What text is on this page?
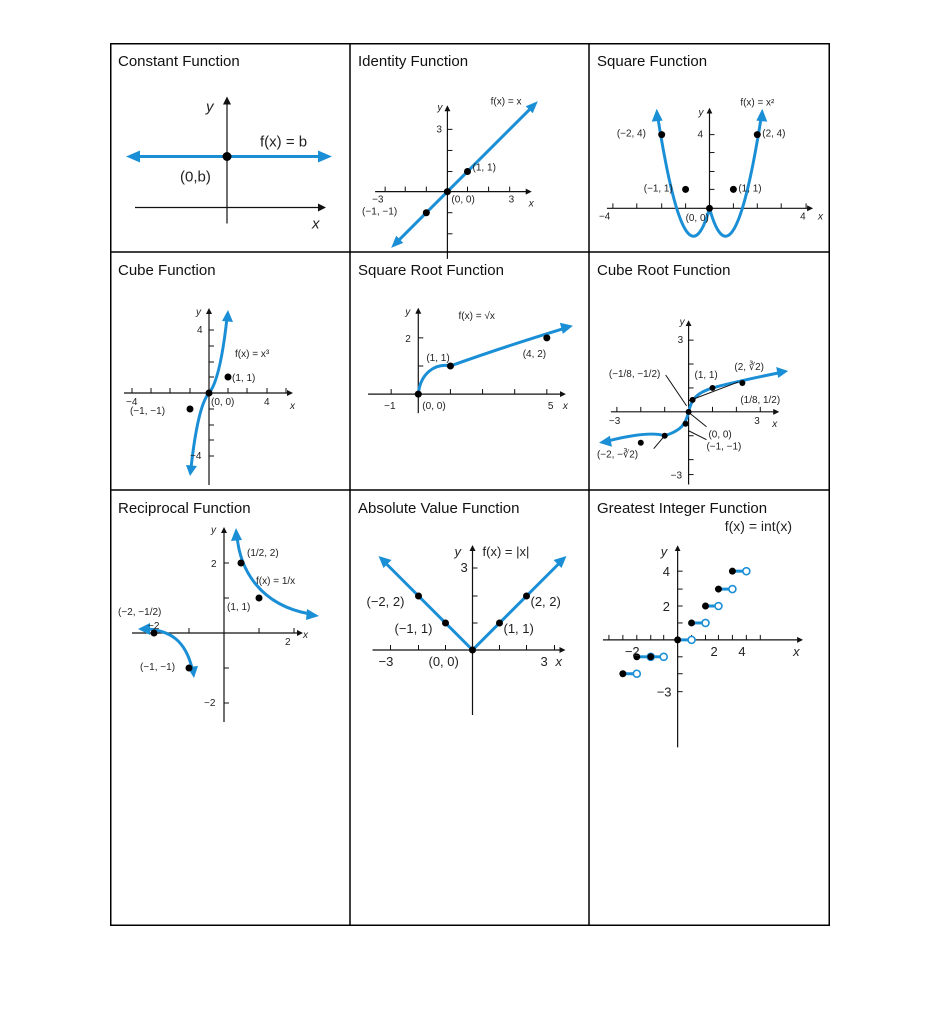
Constant Function
y
x
f(x) = b
(0,b)
Identity Function
y
x
3
−3	3
f(x) = x
(1, 1)
(0, 0)
(−1, −1)
Square Function
y
x
4
−4	4
f(x) = x²
(−2, 4)	(2, 4)
(−1, 1)	(1, 1)
(0, 0)
Cube Function
y
x
4
−4
−4	4
f(x) = x³
(1, 1)
(0, 0)
(−1, −1)
Square Root Function
y
x
2
−1	5
f(x) = √x
(1, 1)	(4, 2)
(0, 0)
Cube Root Function
y
x
3
−3
−3	3
(−1/8, −1/2)	(1, 1)
(2, ∛2)
(1/8, 1/2)
(0, 0)
(−1, −1)
(−2, −∛2)
Reciprocal Function
y
x
2
−2
−2
2
(1/2, 2)
f(x) = 1/x
(1, 1)
(−2, −1/2)
(−1, −1)
Absolute Value Function
y
x
3
−3	3
f(x) = |x|
(−2, 2)	(2, 2)
(−1, 1)	(1, 1)
(0, 0)
Greatest Integer Function
f(x) = int(x)
y
x
4
2
−3
−2	2 4
